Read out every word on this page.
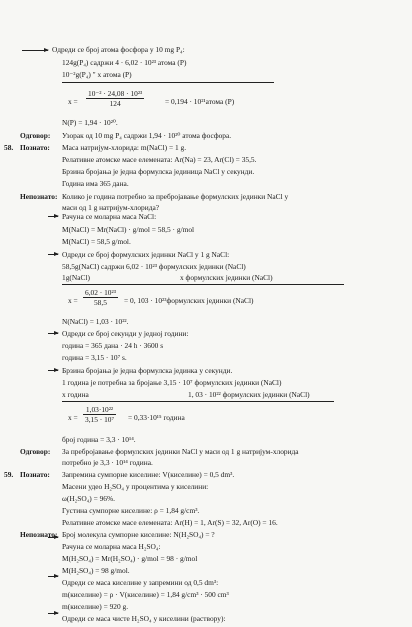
Одреди се број атома фосфора у 10 mg P₄:
124g(P₄) садржи 4 · 6,02 · 10²³ атома (P)
10⁻²g(P₄) " x атома (P)
$x = \frac{\text{10⁻² · 24,08 · 10²³}}{124}$	= 0,194 · 10²¹атома (P)
N(P) = 1,94 · 10²⁰.
Одговор: Узорак од 10 mg P₄ садржи 1,94 · 10²⁰ атома фосфора.
58. Познато: Маса натријум-хлорида: m(NaCl) = 1 g.
Релативне атомске масе елемената: Ar(Na) = 23, Ar(Cl) = 35,5.
Брзина бројања је једна формулска јединица NaCl у секунди.
Година има 365 дана.
Непознато: Колико је година потребно за пребројавање формулских јединки NaCl у
маси од 1 g натријум-хлорида?
Рачуна се моларна маса NaCl:
M(NaCl) = Mr(NaCl) · g/mol = 58,5 · g/mol
M(NaCl) = 58,5 g/mol.
Одреди се број формулских јединки NaCl у 1 g NaCl:
58,5g(NaCl) садржи 6,02 · 10²³ формулских јединки (NaCl)
1g(NaCl)	x формулских јединки (NaCl)
$x = \frac{\text{6,02 · 10²³}}{58,5} = 0$, 103 · 10²³формулских јединки (NaCl)
N(NaCl) = 1,03 · 10²².
Одреди се број секунди у једној години:
година = 365 дана · 24 h · 3600 s
година = 3,15 · 10⁷ s.
Брзина бројања је једна формулска јединка у секунди.
1 година је потребна за бројање 3,15 · 10⁷ формулских јединки (NaCl)
x година	1, 03 · 10²² формулских јединки (NaCl)
$x = \frac{\text{1,03·10²²}}{\text{3,15 · 10⁷}} = 0,33\cdot 10^{15}$ година
број година = 3,3 · 10¹⁴.
Одговор: За пребројавање формулских јединки NaCl у маси од 1 g натријум-хлорида
потребно је 3,3 · 10¹⁴ година.
59. Познато: Запремина сумпорне киселине: V(киселине) = 0,5 dm³.
Масени удео H₂SO₄ у процентима у киселини:
ω(H₂SO₄) = 96%.
Густина сумпорне киселине: ρ = 1,84 g/cm³.
Релативне атомске масе елемената: Ar(H) = 1, Ar(S) = 32, Ar(O) = 16.
Непознато: Број молекула сумпорне киселине: N(H₂SO₄) = ?
Рачуна се моларна маса H₂SO₄:
M(H₂SO₄) = Mr(H₂SO₄) · g/mol = 98 · g/mol
M(H₂SO₄) = 98 g/mol.
Одреди се маса киселине у запремини од 0,5 dm³:
m(киселине) = ρ · V(киселине) = 1,84 g/cm³ · 500 cm³
m(киселине) = 920 g.
Одреди се маса чисте H₂SO₄ у киселини (раствору):
